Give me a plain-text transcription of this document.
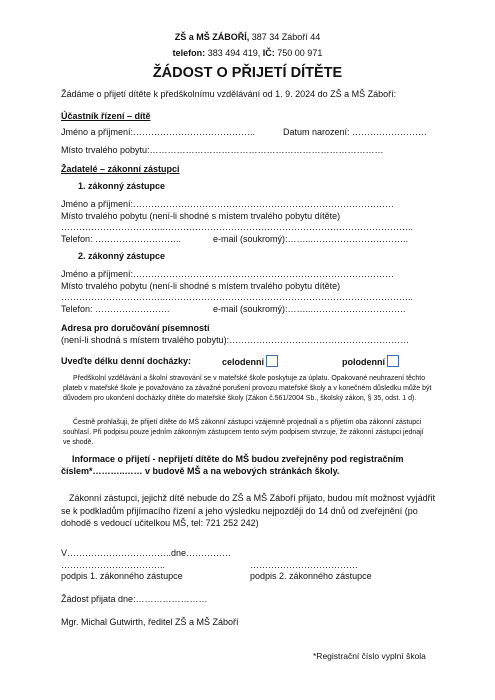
ZŠ a MŠ ZÁBOŘÍ, 387 34 Záboří 44
telefon: 383 494 419, IČ: 750 00 971
ŽÁDOST O PŘIJETÍ DÍTĚTE
Žádáme o přijetí dítěte k předškolnímu vzdělávání od 1. 9. 2024 do ZŠ a MŠ Záboří:
Účastník řízení – dítě
Jméno a příjmení:…………………………………..	Datum narození: …………………….
Místo trvalého pobytu:……………………………………………………………………
Žadatelé – zákonní zástupci
1. zákonný zástupce
Jméno a příjmení:……………………………………………………………………………
Místo trvalého pobytu (není-li shodné s místem trvalého pobytu dítěte)
……………………………..………………………………………………………………………..
Telefon: ………………………..	e-mail (soukromý):……...…………………………..
2. zákonný zástupce
Jméno a příjmení:……………………………………………………………………………
Místo trvalého pobytu (není-li shodné s místem trvalého pobytu dítěte)
……………………………..………………………………………………………………………..
Telefon: …………………….	e-mail (soukromý):……...………………………….
Adresa pro doručování písemností
(není-li shodná s místem trvalého pobytu):……………………………………………………
Uveďte délku denní docházky:	celodenní	polodenní
Předškolní vzdělávání a školní stravování se v mateřské škole poskytuje za úplatu. Opakované neuhrazení těchto plateb v mateřské škole je považováno za závažné porušení provozu mateřské školy a v konečném důsledku může být důvodem pro ukončení docházky dítěte do mateřské školy (Zákon č.561/2004 Sb., školský zákon, § 35, odst. 1 d).
Čestně prohlašuji, že přijetí dítěte do MŠ zákonní zástupci vzájemně projednali a s přijetím oba zákonní zástupci souhlasí. Při podpisu pouze jedním zákonným zástupcem tento svým podpisem stvrzuje, že zákonní zástupci jednají ve shodě.
Informace o přijetí - nepřijetí dítěte do MŠ budou zveřejněny pod registračním
číslem*………..…… v budově MŠ a na webových stránkách školy.
Zákonní zástupci, jejichž dítě nebude do ZŠ a MŠ Záboří přijato, budou mít možnost vyjádřit se k podkladům přijímacího řízení a jeho výsledku nejpozději do 14 dnů od zveřejnění (po dohodě s vedoucí učitelkou MŠ, tel: 721 252 242)
V……………………………..dne……………
……………………………..	………………………………
podpis 1. zákonného zástupce	podpis 2. zákonného zástupce
Žádost přijata dne:……………………
Mgr. Michal Gutwirth, ředitel ZŠ a MŠ Záboří
*Registrační číslo vyplní škola
